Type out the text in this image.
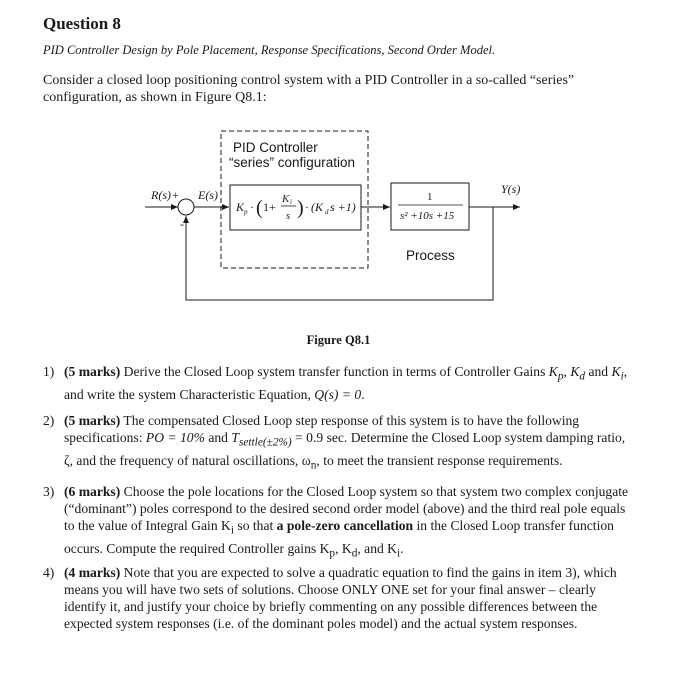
Question 8
PID Controller Design by Pole Placement, Response Specifications, Second Order Model.
Consider a closed loop positioning control system with a PID Controller in a so-called “series” configuration, as shown in Figure Q8.1:
PID Controller
“series” configuration
R(s) +
-
E(s)
K p · ( 1+
K i
s ) · (K d s +1)
1
s² +10s +15
Process
Y(s)
Figure Q8.1
1) (5 marks) Derive the Closed Loop system transfer function in terms of Controller Gains $K_p$, $K_d$ and $K_i$, and write the system Characteristic Equation, Q(s) = 0.
2) (5 marks) The compensated Closed Loop step response of this system is to have the following specifications: PO = 10% and $T_{settle(\pm 2\%)} = 0.9$ sec. Determine the Closed Loop system damping ratio, ζ, and the frequency of natural oscillations, $\omega_n$, to meet the transient response requirements.
3) (6 marks) Choose the pole locations for the Closed Loop system so that system two complex conjugate (“dominant”) poles correspond to the desired second order model (above) and the third real pole equals to the value of Integral Gain $K_i$ so that a pole-zero cancellation in the Closed Loop transfer function occurs. Compute the required Controller gains $K_p$, $K_d$, and $K_i$.
4) (4 marks) Note that you are expected to solve a quadratic equation to find the gains in item 3), which means you will have two sets of solutions. Choose ONLY ONE set for your final answer – clearly identify it, and justify your choice by briefly commenting on any possible differences between the expected system responses (i.e. of the dominant poles model) and the actual system responses.
